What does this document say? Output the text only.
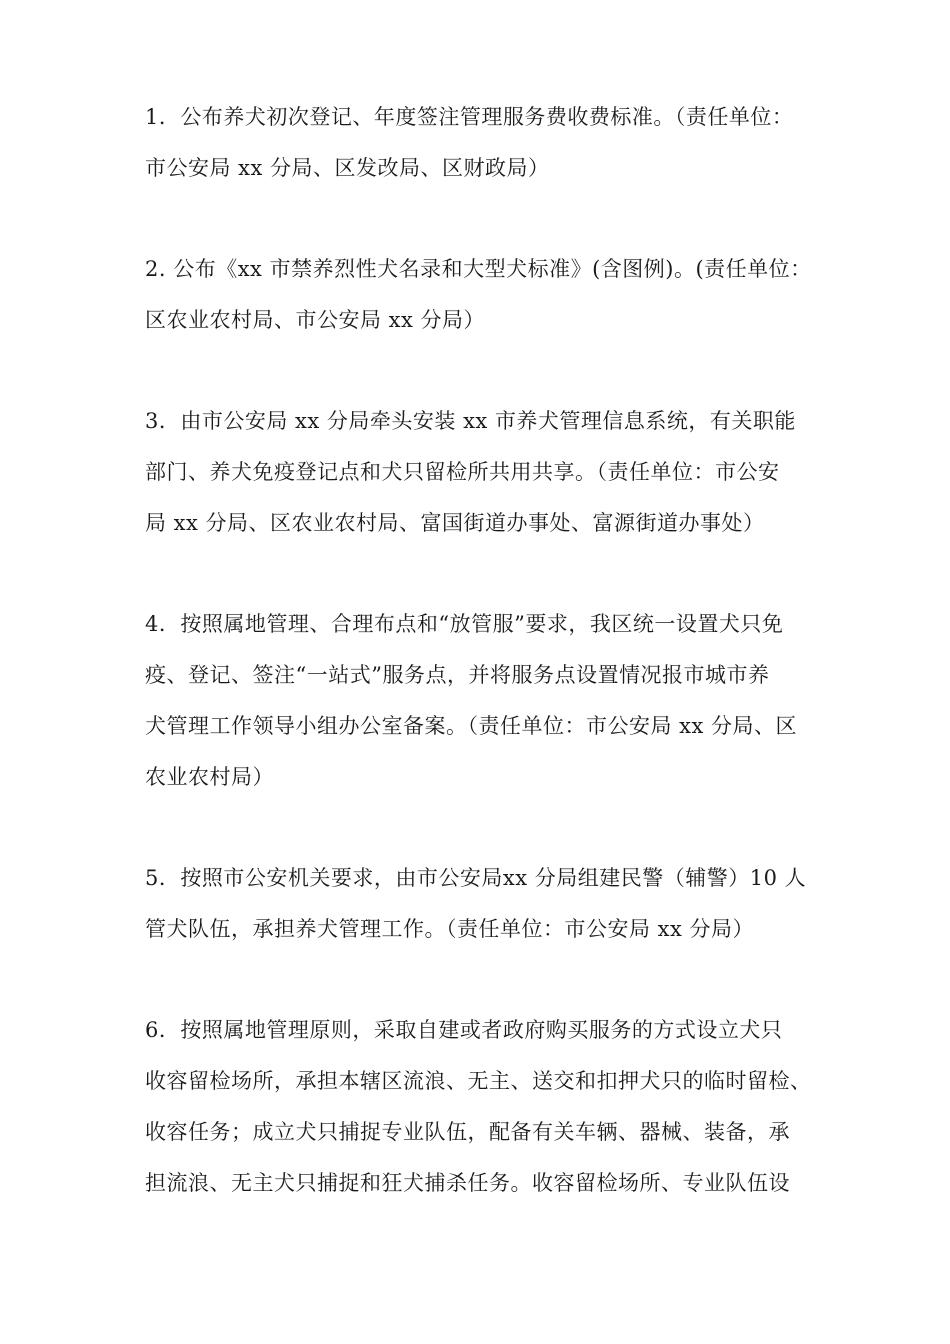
1．公布养犬初次登记、年度签注管理服务费收费标准。（责任单位：
市公安局 xx 分局、区发改局、区财政局）

2. 公布《xx 市禁养烈性犬名录和大型犬标准》(含图例)。(责任单位：
区农业农村局、市公安局 xx 分局）

3．由市公安局 xx 分局牵头安装 xx 市养犬管理信息系统，有关职能
部门、养犬免疫登记点和犬只留检所共用共享。（责任单位：市公安
局 xx 分局、区农业农村局、富国街道办事处、富源街道办事处）

4．按照属地管理、合理布点和“放管服”要求，我区统一设置犬只免
疫、登记、签注“一站式”服务点，并将服务点设置情况报市城市养
犬管理工作领导小组办公室备案。（责任单位：市公安局 xx 分局、区
农业农村局）

5．按照市公安机关要求，由市公安局xx 分局组建民警（辅警）10 人
管犬队伍，承担养犬管理工作。（责任单位：市公安局 xx 分局）

6．按照属地管理原则，采取自建或者政府购买服务的方式设立犬只
收容留检场所，承担本辖区流浪、无主、送交和扣押犬只的临时留检、
收容任务；成立犬只捕捉专业队伍，配备有关车辆、器械、装备，承
担流浪、无主犬只捕捉和狂犬捕杀任务。收容留检场所、专业队伍设
